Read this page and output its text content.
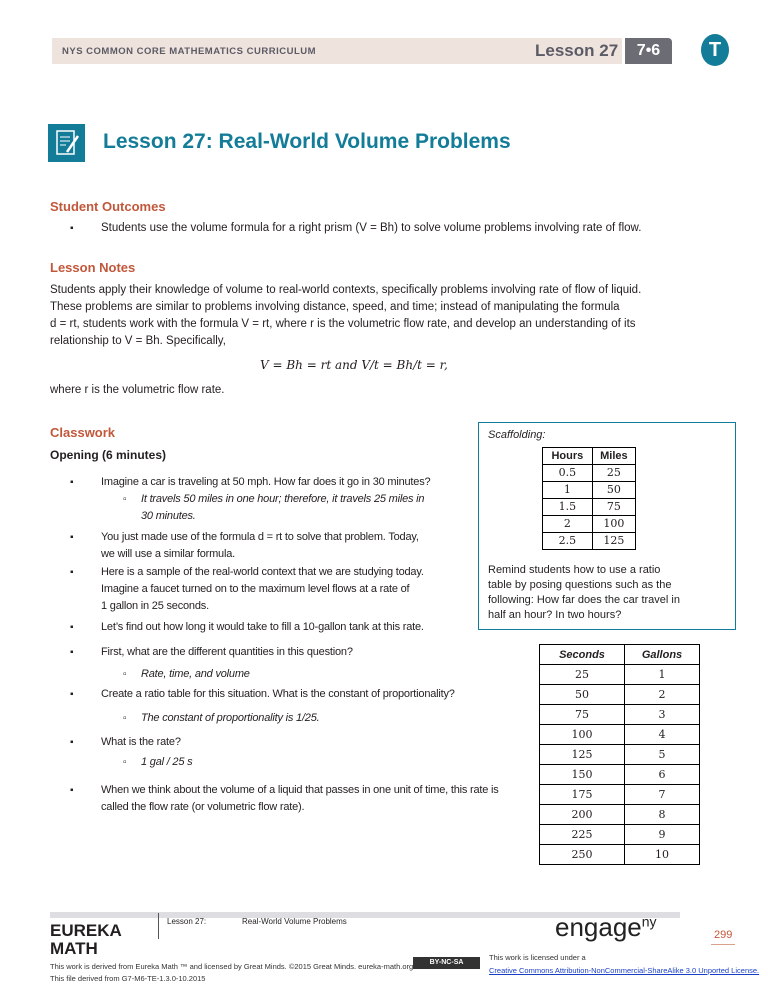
NYS COMMON CORE MATHEMATICS CURRICULUM	Lesson 27	7•6	T
Lesson 27: Real-World Volume Problems
Student Outcomes
▪ Students use the volume formula for a right prism (V = Bh) to solve volume problems involving rate of flow.
Lesson Notes
Students apply their knowledge of volume to real-world contexts, specifically problems involving rate of flow of liquid.
These problems are similar to problems involving distance, speed, and time; instead of manipulating the formula
d = rt, students work with the formula V = rt, where r is the volumetric flow rate, and develop an understanding of its
relationship to V = Bh. Specifically,
V = Bh = rt and V/t = Bh/t = r,
where r is the volumetric flow rate.
Classwork
Opening (6 minutes)
▪ Imagine a car is traveling at 50 mph. How far does it go in 30 minutes?
▫ It travels 50 miles in one hour; therefore, it travels 25 miles in
30 minutes.
▪ You just made use of the formula d = rt to solve that problem. Today,
we will use a similar formula.
▪ Here is a sample of the real-world context that we are studying today.
Imagine a faucet turned on to the maximum level flows at a rate of
1 gallon in 25 seconds.
▪ Let’s find out how long it would take to fill a 10-gallon tank at this rate.
▪ First, what are the different quantities in this question?
▫ Rate, time, and volume
▪ Create a ratio table for this situation. What is the constant of proportionality?
▫ The constant of proportionality is 1/25.
▪ What is the rate?
▫ 1 gal / 25 s
▪ When we think about the volume of a liquid that passes in one unit of time, this rate is
called the flow rate (or volumetric flow rate).
Scaffolding:
Hours	Miles
0.5	25
1	50
1.5	75
2	100
2.5	125
Remind students how to use a ratio
table by posing questions such as the
following: How far does the car travel in
half an hour? In two hours?
Seconds	Gallons
25	1
50	2
75	3
100	4
125	5
150	6
175	7
200	8
225	9
250	10
EUREKA MATH
Lesson 27:	Real-World Volume Problems
This work is derived from Eureka Math ™ and licensed by Great Minds. ©2015 Great Minds. eureka-math.org
This file derived from G7-M6-TE-1.3.0-10.2015
engage$^{ny}$
299
BY-NC-SA
This work is licensed under a
Creative Commons Attribution-NonCommercial-ShareAlike 3.0 Unported License.
